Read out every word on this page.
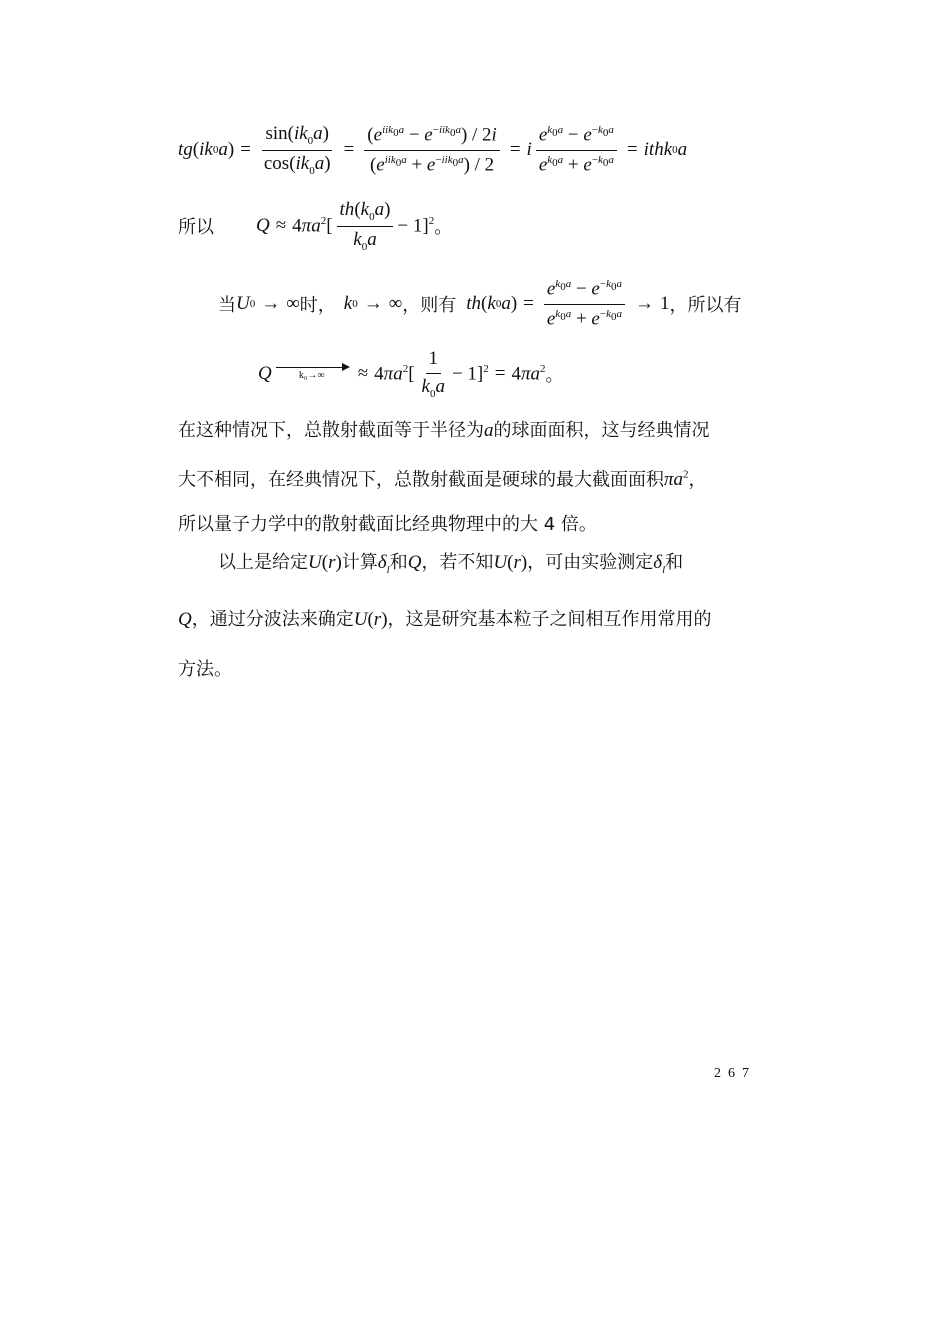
tg ( ik 0 a ) = $\frac{\sin(ik_0a)}{\cos(ik_0a)} = \frac{(e^{iik_0a} - e^{-iik_0a}) / 2i}{(e^{iik_0a} + e^{-iik_0a}) / 2} = i \frac{e^{k_0a} - e^{-k_0a}}{e^{k_0a} + e^{-k_0a}}$ = ithk 0 a
所以 $Q \approx 4\pi a^2[ \frac{th(k_0a)}{k_0a} - 1]^2$ 。
当 U 0 → ∞ 时， k 0 → ∞ ，则有 th ( k 0 a ) = $\frac{e^{k_0a} - e^{-k_0a}}{e^{k_0a} + e^{-k_0a}} \to 1$ ，所以有
Q	$k_0\to\infty \approx 4\pi a^2[ \frac{1}{k_0a} - 1]^2 = 4\pi a^2$ 。
在这种情况下，总散射截面等于半径为a的球面面积，这与经典情况
大不相同，在经典情况下，总散射截面是硬球的最大截面面积$\pi a^2$，
所以量子力学中的散射截面比经典物理中的大 4 倍。
以上是给定U(r)计算$\delta_l$和Q，若不知U(r)，可由实验测定$\delta_l$和
Q，通过分波法来确定U(r)，这是研究基本粒子之间相互作用常用的
方法。
267
